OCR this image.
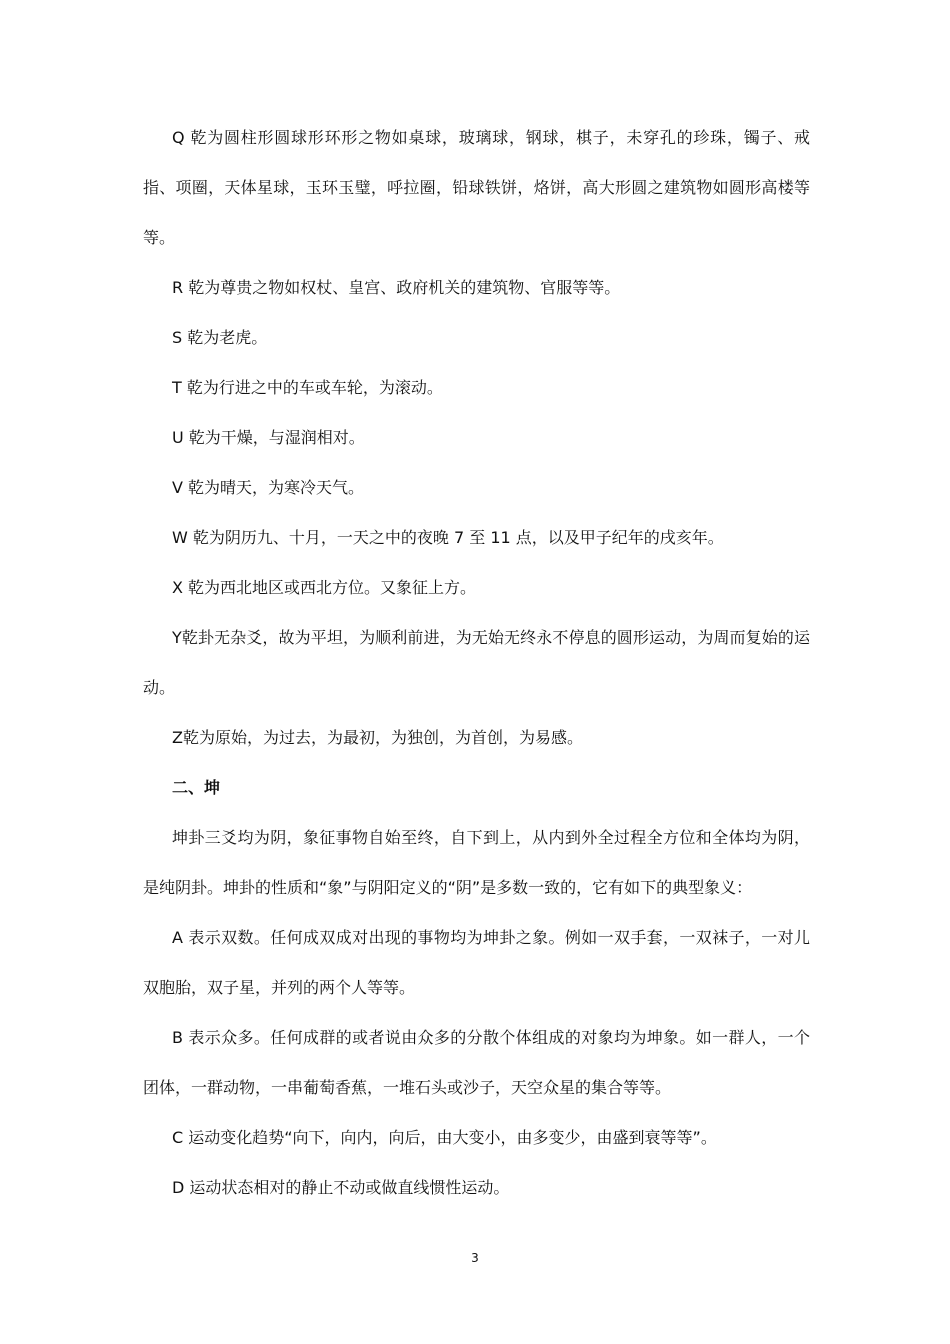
Q 乾为圆柱形圆球形环形之物如桌球，玻璃球，钢球，棋子，未穿孔的珍珠，镯子、戒指、项圈，天体星球，玉环玉璧，呼拉圈，铅球铁饼，烙饼，高大形圆之建筑物如圆形高楼等等。

R 乾为尊贵之物如权杖、皇宫、政府机关的建筑物、官服等等。

S 乾为老虎。

T 乾为行进之中的车或车轮，为滚动。

U 乾为干燥，与湿润相对。

V 乾为晴天，为寒冷天气。

W 乾为阴历九、十月，一天之中的夜晚 7 至 11 点，以及甲子纪年的戌亥年。

X 乾为西北地区或西北方位。又象征上方。

Y乾卦无杂爻，故为平坦，为顺利前进，为无始无终永不停息的圆形运动，为周而复始的运动。

Z乾为原始，为过去，为最初，为独创，为首创，为易感。

二、坤

坤卦三爻均为阴，象征事物自始至终，自下到上，从内到外全过程全方位和全体均为阴，是纯阴卦。坤卦的性质和“象”与阴阳定义的“阴”是多数一致的，它有如下的典型象义：

A 表示双数。任何成双成对出现的事物均为坤卦之象。例如一双手套，一双袜子，一对儿双胞胎，双子星，并列的两个人等等。

B 表示众多。任何成群的或者说由众多的分散个体组成的对象均为坤象。如一群人，一个团体，一群动物，一串葡萄香蕉，一堆石头或沙子，天空众星的集合等等。

C 运动变化趋势“向下，向内，向后，由大变小，由多变少，由盛到衰等等”。

D 运动状态相对的静止不动或做直线惯性运动。

3
